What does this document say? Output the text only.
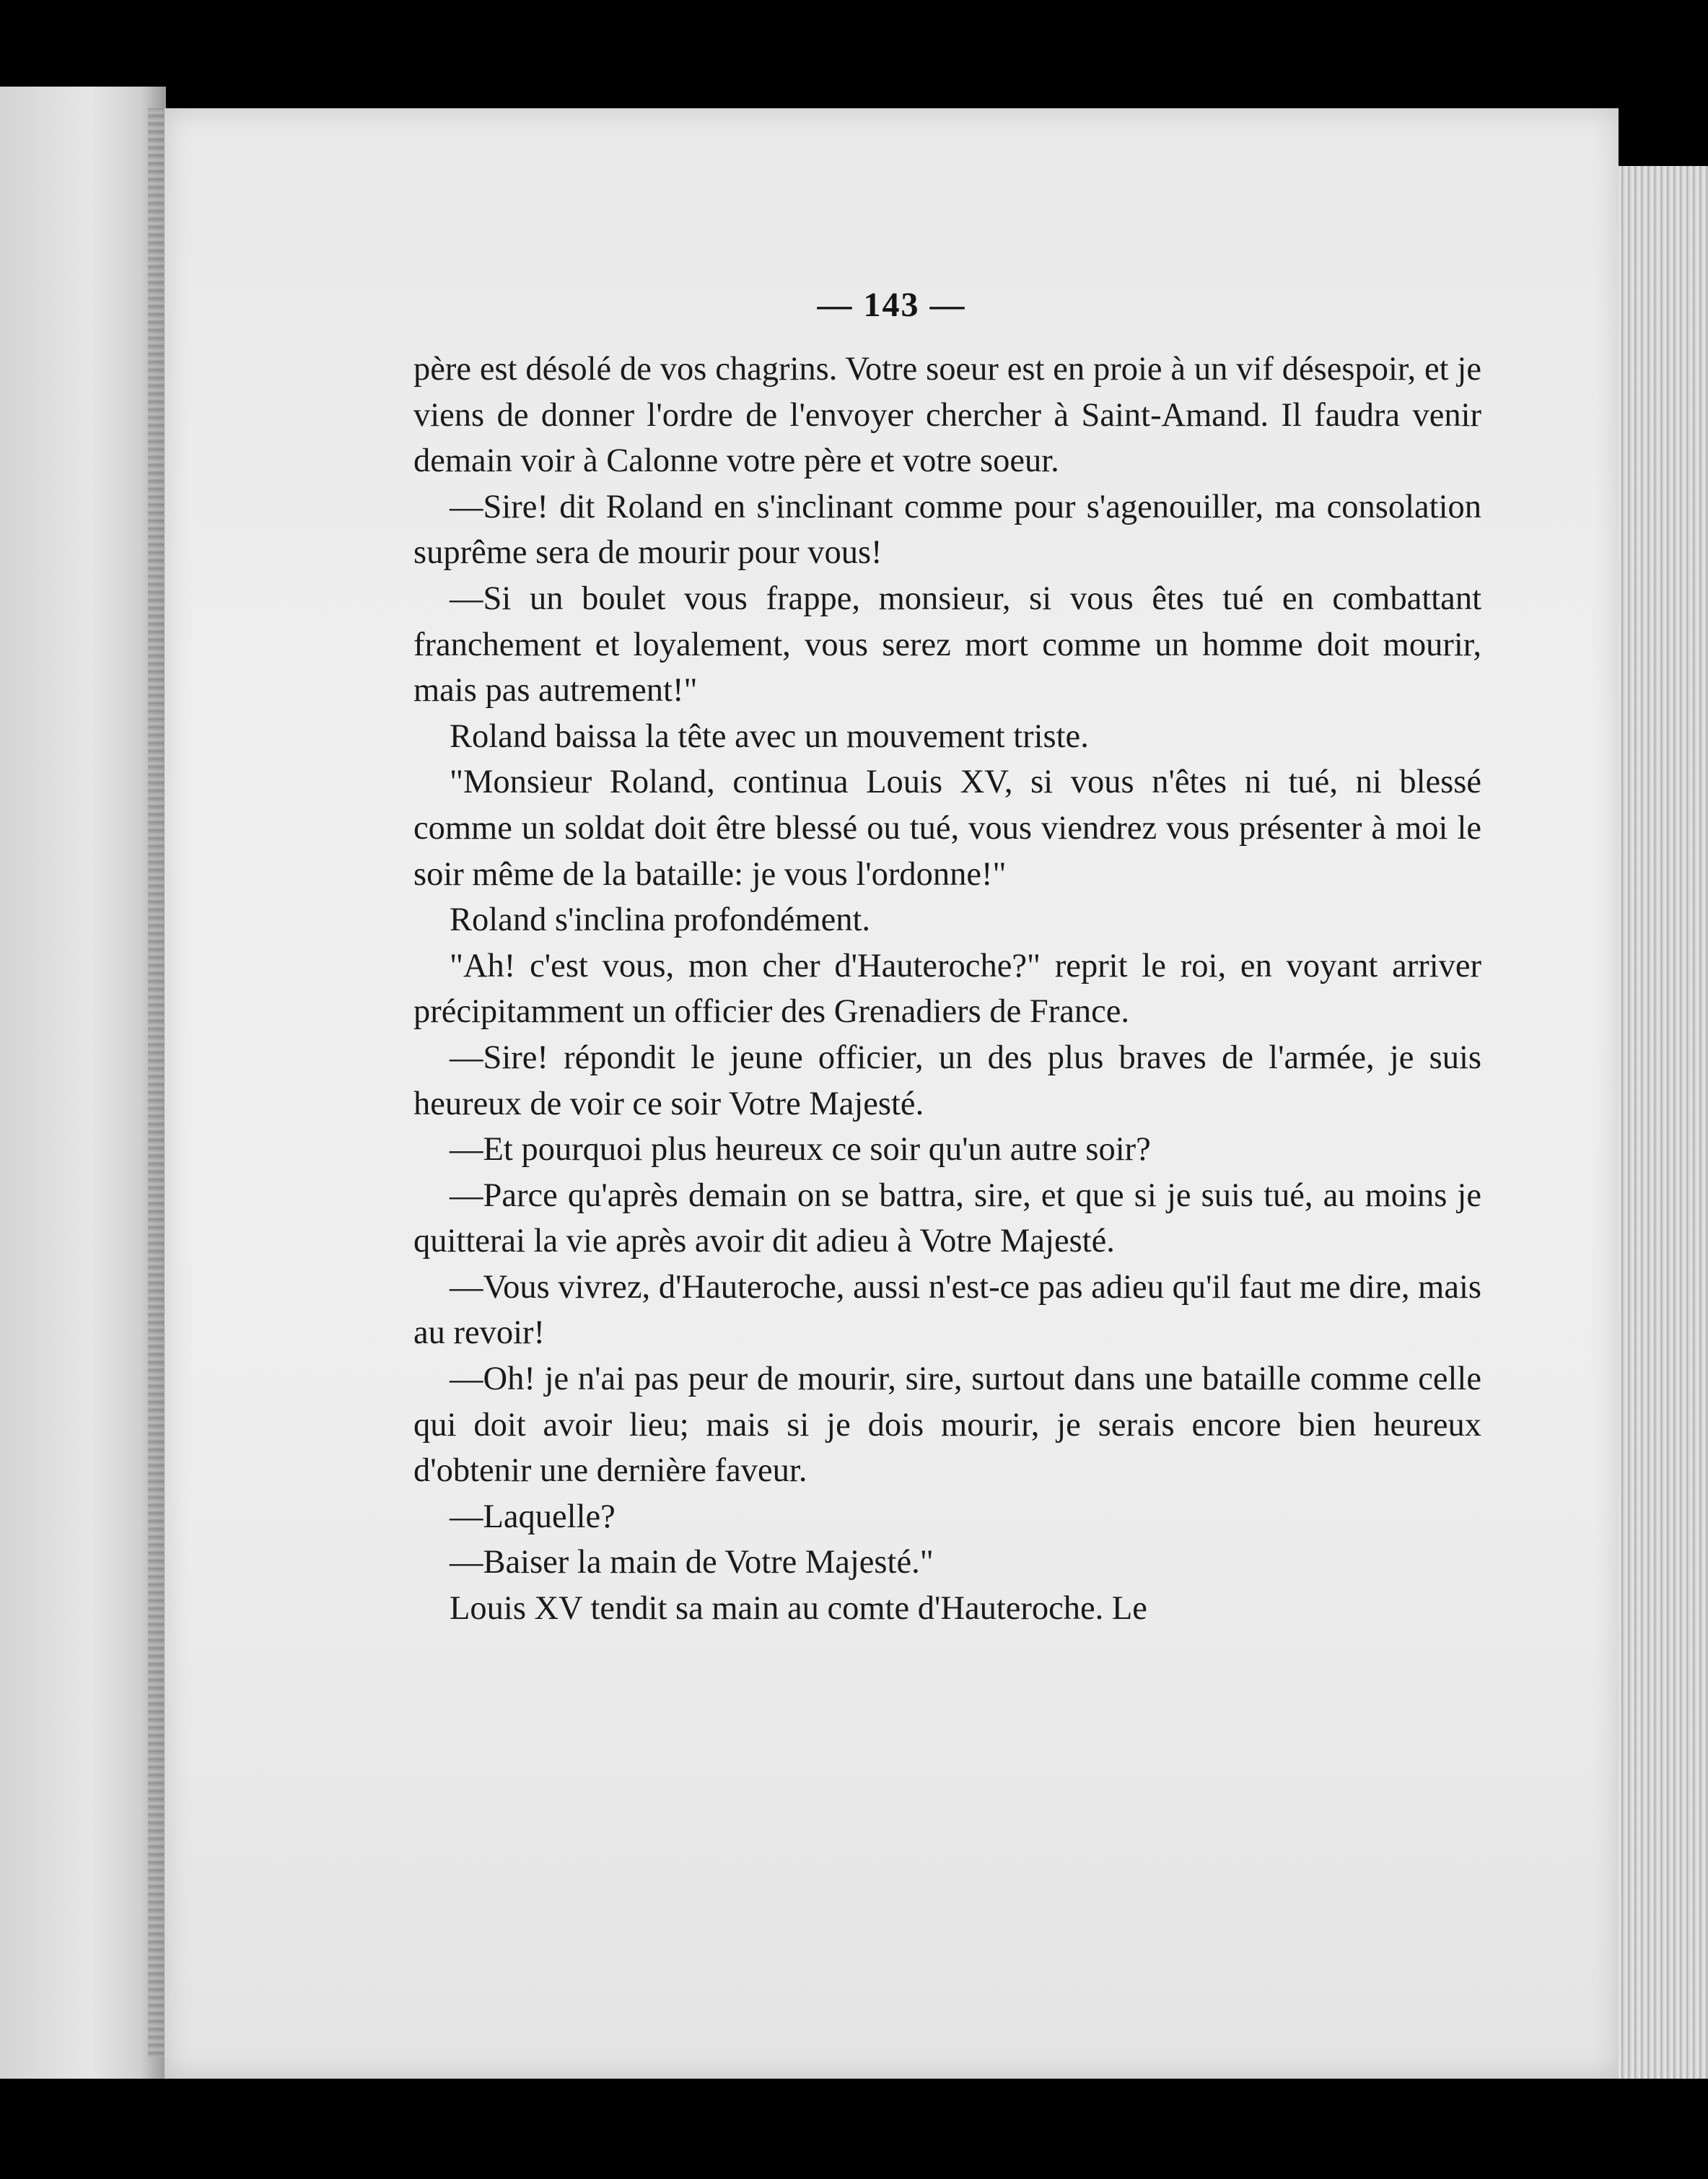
— 143 —

père est désolé de vos chagrins. Votre soeur est en proie à un vif désespoir, et je viens de donner l'ordre de l'envoyer chercher à Saint-Amand. Il faudra venir demain voir à Calonne votre père et votre soeur.

—Sire! dit Roland en s'inclinant comme pour s'agenouiller, ma consolation suprême sera de mourir pour vous!

—Si un boulet vous frappe, monsieur, si vous êtes tué en combattant franchement et loyalement, vous serez mort comme un homme doit mourir, mais pas autrement!"

Roland baissa la tête avec un mouvement triste.

"Monsieur Roland, continua Louis XV, si vous n'êtes ni tué, ni blessé comme un soldat doit être blessé ou tué, vous viendrez vous présenter à moi le soir même de la bataille: je vous l'ordonne!"

Roland s'inclina profondément.

"Ah! c'est vous, mon cher d'Hauteroche?" reprit le roi, en voyant arriver précipitamment un officier des Grenadiers de France.

—Sire! répondit le jeune officier, un des plus braves de l'armée, je suis heureux de voir ce soir Votre Majesté.

—Et pourquoi plus heureux ce soir qu'un autre soir?

—Parce qu'après demain on se battra, sire, et que si je suis tué, au moins je quitterai la vie après avoir dit adieu à Votre Majesté.

—Vous vivrez, d'Hauteroche, aussi n'est-ce pas adieu qu'il faut me dire, mais au revoir!

—Oh! je n'ai pas peur de mourir, sire, surtout dans une bataille comme celle qui doit avoir lieu; mais si je dois mourir, je serais encore bien heureux d'obtenir une dernière faveur.

—Laquelle?

—Baiser la main de Votre Majesté."

Louis XV tendit sa main au comte d'Hauteroche. Le
